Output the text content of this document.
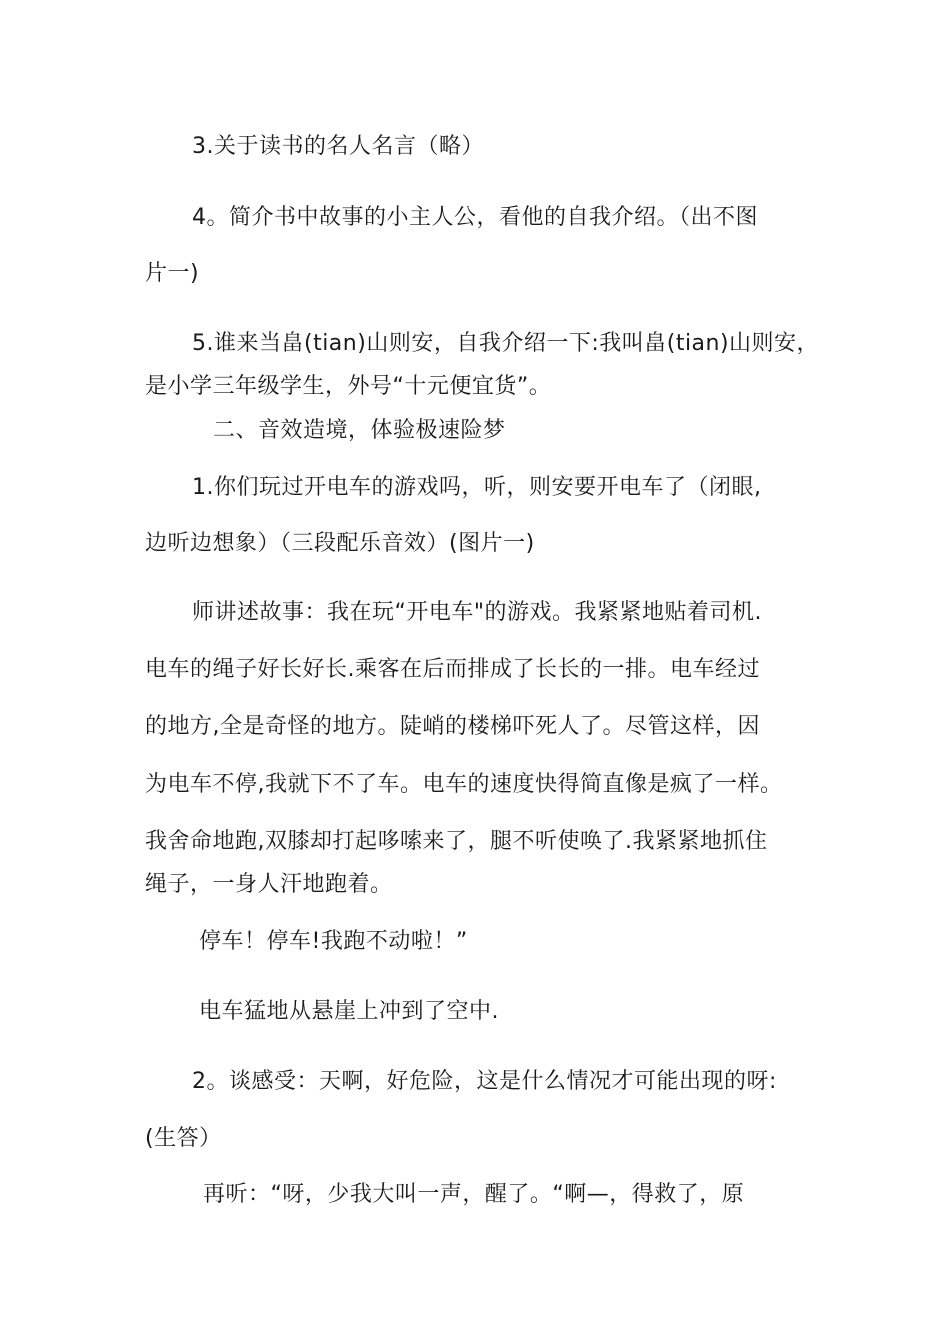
3.关于读书的名人名言（略）
4。简介书中故事的小主人公，看他的自我介绍。（出不图
片一)
5.谁来当畠(tian)山则安，自我介绍一下:我叫畠(tian)山则安，
是小学三年级学生，外号“十元便宜货”。
二、音效造境，体验极速险梦
1.你们玩过开电车的游戏吗，听，则安要开电车了（闭眼,
边听边想象）（三段配乐音效）(图片一)
师讲述故事：我在玩“开电车"的游戏。我紧紧地贴着司机.
电车的绳子好长好长.乘客在后而排成了长长的一排。电车经过
的地方,全是奇怪的地方。陡峭的楼梯吓死人了。尽管这样，因
为电车不停,我就下不了车。电车的速度快得简直像是疯了一样。
我舍命地跑,双膝却打起哆嗦来了，腿不听使唤了.我紧紧地抓住
绳子，一身人汗地跑着。
停车！停车!我跑不动啦！”
电车猛地从悬崖上冲到了空中.
2。谈感受：天啊，好危险，这是什么情况才可能出现的呀:
(生答）
再听：“呀，少我大叫一声，醒了。“啊—，得救了，原
